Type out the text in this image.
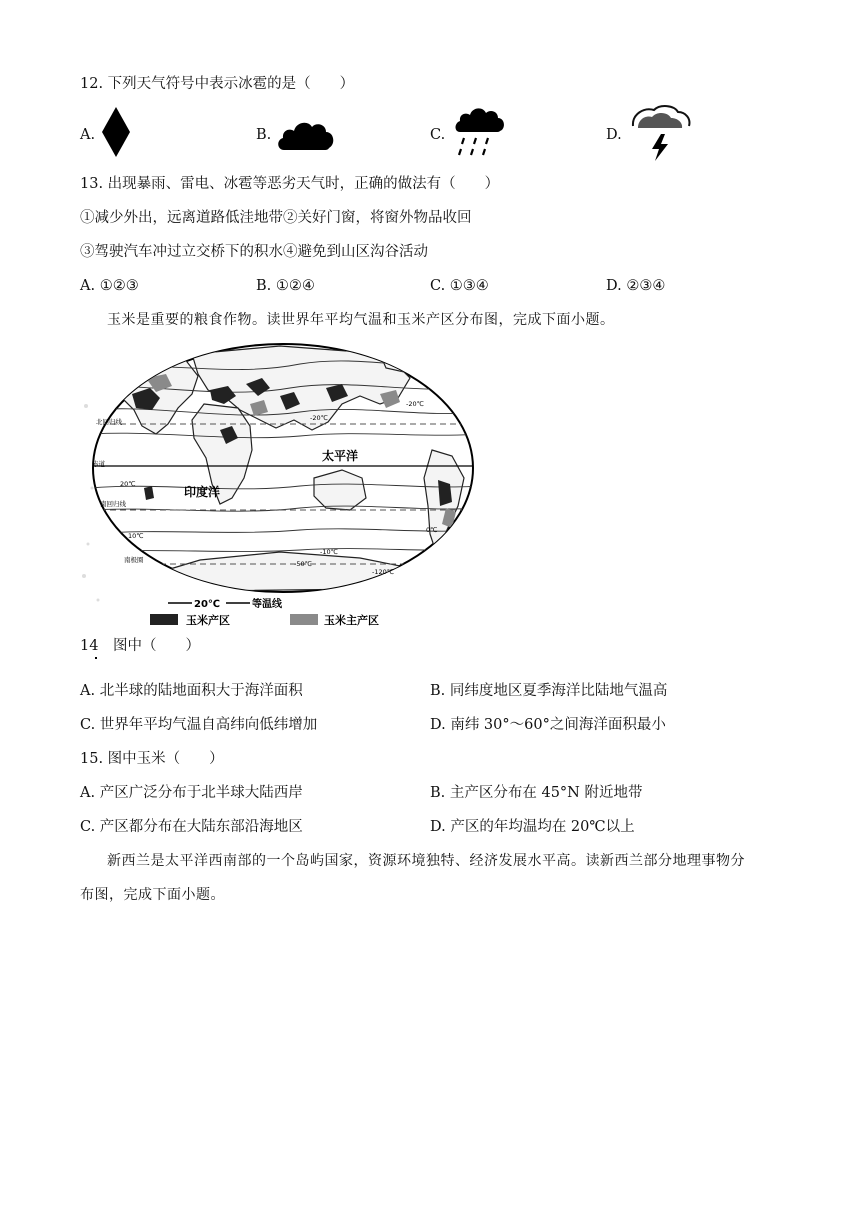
12. 下列天气符号中表示冰雹的是（　　）
A.	B.	C.	D.
13. 出现暴雨、雷电、冰雹等恶劣天气时，正确的做法有（　　）
①减少外出，远离道路低洼地带②关好门窗，将窗外物品收回
③驾驶汽车冲过立交桥下的积水④避免到山区沟谷活动
A. ①②③	B. ①②④	C. ①③④	D. ②③④
玉米是重要的粮食作物。读世界年平均气温和玉米产区分布图，完成下面小题。
北回归线
赤道
南回归线
南极圈
20℃
10℃
0℃
-10℃
-20℃
-50℃
-120℃
-20℃
太平洋
印度洋
20℃	等温线
玉米产区	玉米主产区
14　图中（　　）
A. 北半球的陆地面积大于海洋面积	B. 同纬度地区夏季海洋比陆地气温高
C. 世界年平均气温自高纬向低纬增加	D. 南纬 30°～60°之间海洋面积最小
15. 图中玉米（　　）
A. 产区广泛分布于北半球大陆西岸	B. 主产区分布在 45°N 附近地带
C. 产区都分布在大陆东部沿海地区	D. 产区的年均温均在 20℃以上
新西兰是太平洋西南部的一个岛屿国家，资源环境独特、经济发展水平高。读新西兰部分地理事物分
布图，完成下面小题。
